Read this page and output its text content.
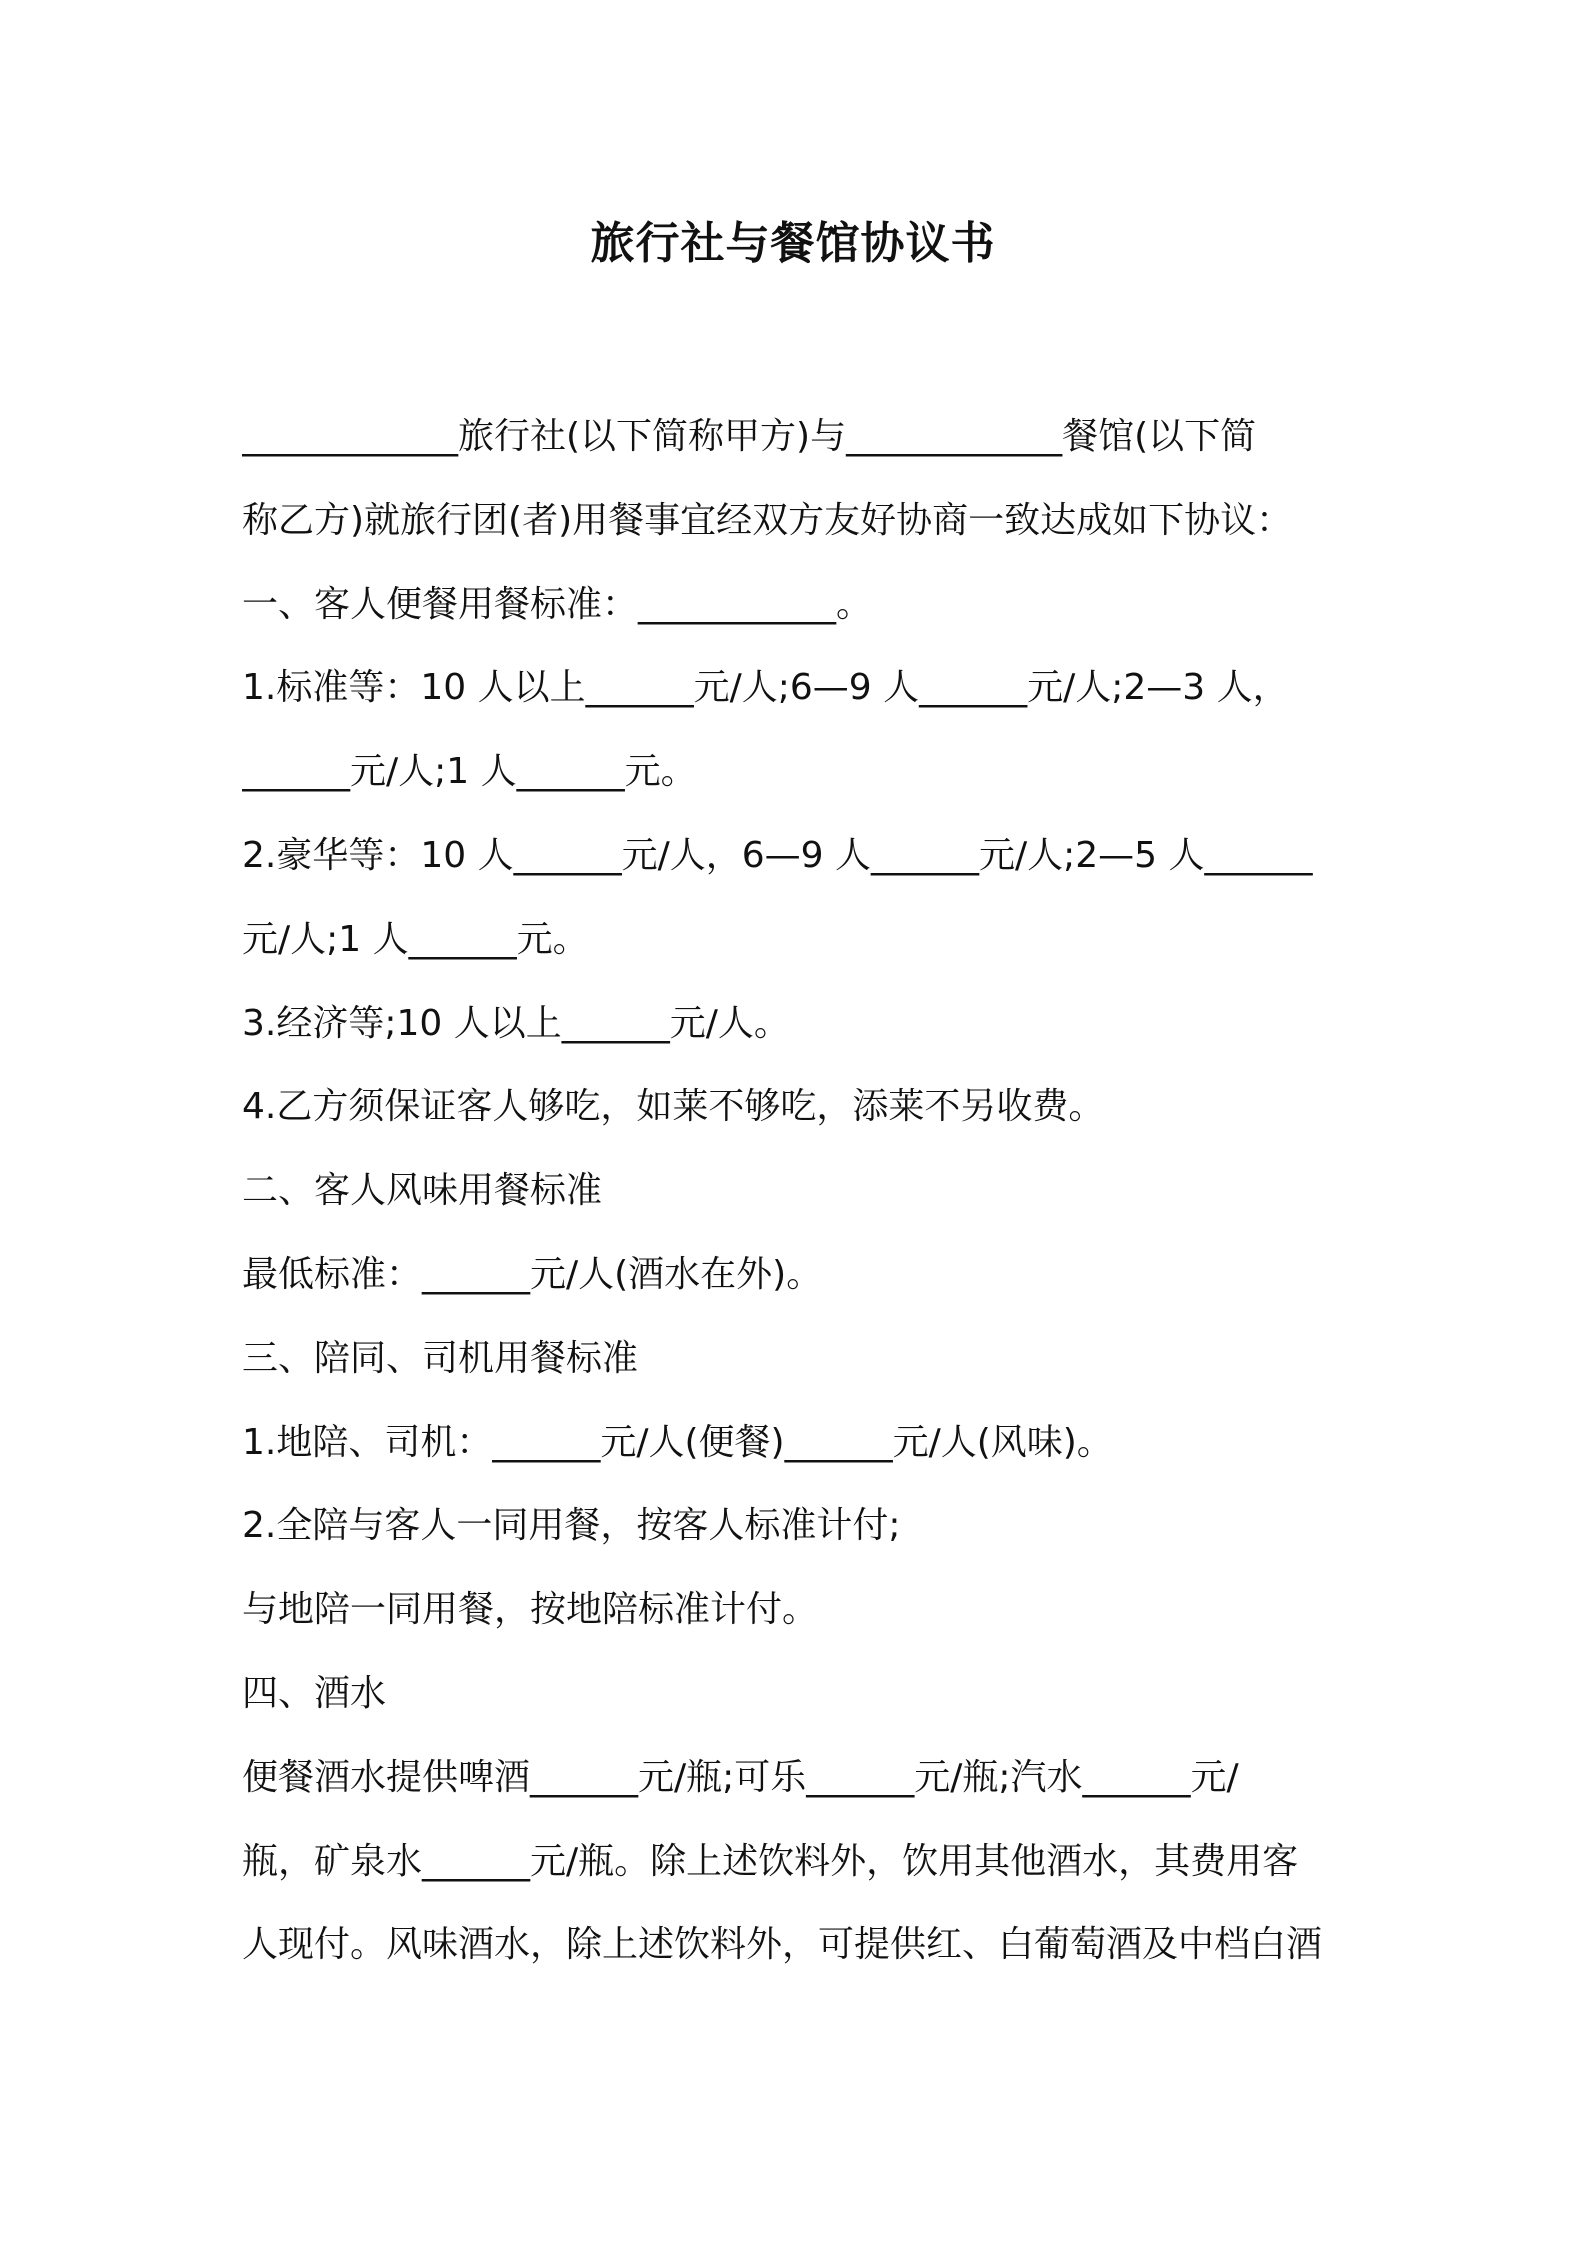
旅行社与餐馆协议书

____________旅行社(以下简称甲方)与____________餐馆(以下简

称乙方)就旅行团(者)用餐事宜经双方友好协商一致达成如下协议：

一、客人便餐用餐标准：___________。

1.标准等：10 人以上______元/人;6—9 人______元/人;2—3 人，

______元/人;1 人______元。

2.豪华等：10 人______元/人，6—9 人______元/人;2—5 人______

元/人;1 人______元。

3.经济等;10 人以上______元/人。

4.乙方须保证客人够吃，如莱不够吃，添莱不另收费。

二、客人风味用餐标准

最低标准：______元/人(酒水在外)。

三、陪同、司机用餐标准

1.地陪、司机：______元/人(便餐)______元/人(风味)。

2.全陪与客人一同用餐，按客人标准计付;

与地陪一同用餐，按地陪标准计付。

四、酒水

便餐酒水提供啤酒______元/瓶;可乐______元/瓶;汽水______元/

瓶，矿泉水______元/瓶。除上述饮料外，饮用其他酒水，其费用客

人现付。风味酒水，除上述饮料外，可提供红、白葡萄酒及中档白酒
